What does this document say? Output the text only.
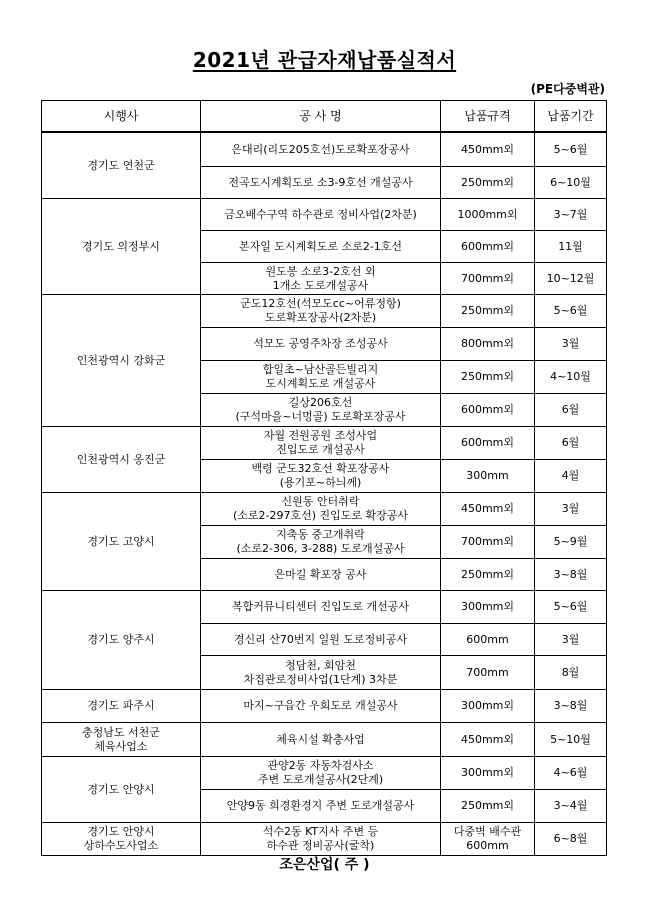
2021년 관급자재납품실적서
(PE다중벽관)
시행사	공 사 명	납품규격	납품기간
경기도 연천군	은대리(리도205호선)도로확포장공사	450mm외	5~6월
	전곡도시계획도로 소3-9호선 개설공사	250mm외	6~10월
경기도 의정부시	금오배수구역 하수관로 정비사업(2차분)	1000mm외	3~7월
	본자일 도시계획도로 소로2-1호선	600mm외	11월
	원도봉 소로3-2호선 외
1개소 도로개설공사	700mm외	10~12월
인천광역시 강화군	군도12호선(석모도cc~어류정항)
도로확포장공사(2차분)	250mm외	5~6월
	석모도 공영주차장 조성공사	800mm외	3월
	합일초~남산골든빌리지
도시계획도로 개설공사	250mm외	4~10월
	길상206호선
(구석마을~너멍골) 도로확포장공사	600mm외	6월
인천광역시 옹진군	자월 전원공원 조성사업
진입도로 개설공사	600mm외	6월
	백령 군도32호선 확포장공사
(용기포~하늬께)	300mm	4월
경기도 고양시	신원동 안터취락
(소로2-297호선) 진입도로 확장공사	450mm외	3월
	지축동 중고개취락
(소로2-306, 3-288) 도로개설공사	700mm외	5~9월
	은마길 확포장 공사	250mm외	3~8월
경기도 양주시	복합커뮤니티센터 진입도로 개선공사	300mm외	5~6월
	경신리 산70번지 일원 도로정비공사	600mm	3월
	청담천, 회암천
차집관로정비사업(1단계) 3차분	700mm	8월
경기도 파주시	마지~구읍간 우회도로 개설공사	300mm외	3~8월
충청남도 서천군
체육사업소	체육시설 확충사업	450mm외	5~10월
경기도 안양시	관양2동 자동차검사소
주변 도로개설공사(2단계)	300mm외	4~6월
	안양9동 희경환경지 주변 도로개설공사	250mm외	3~4월
경기도 안양시
상하수도사업소	석수2동 KT지사 주변 등
하수관 정비공사(굴착)	다중벽 배수관
600mm	6~8월
조은산업( 주 )
